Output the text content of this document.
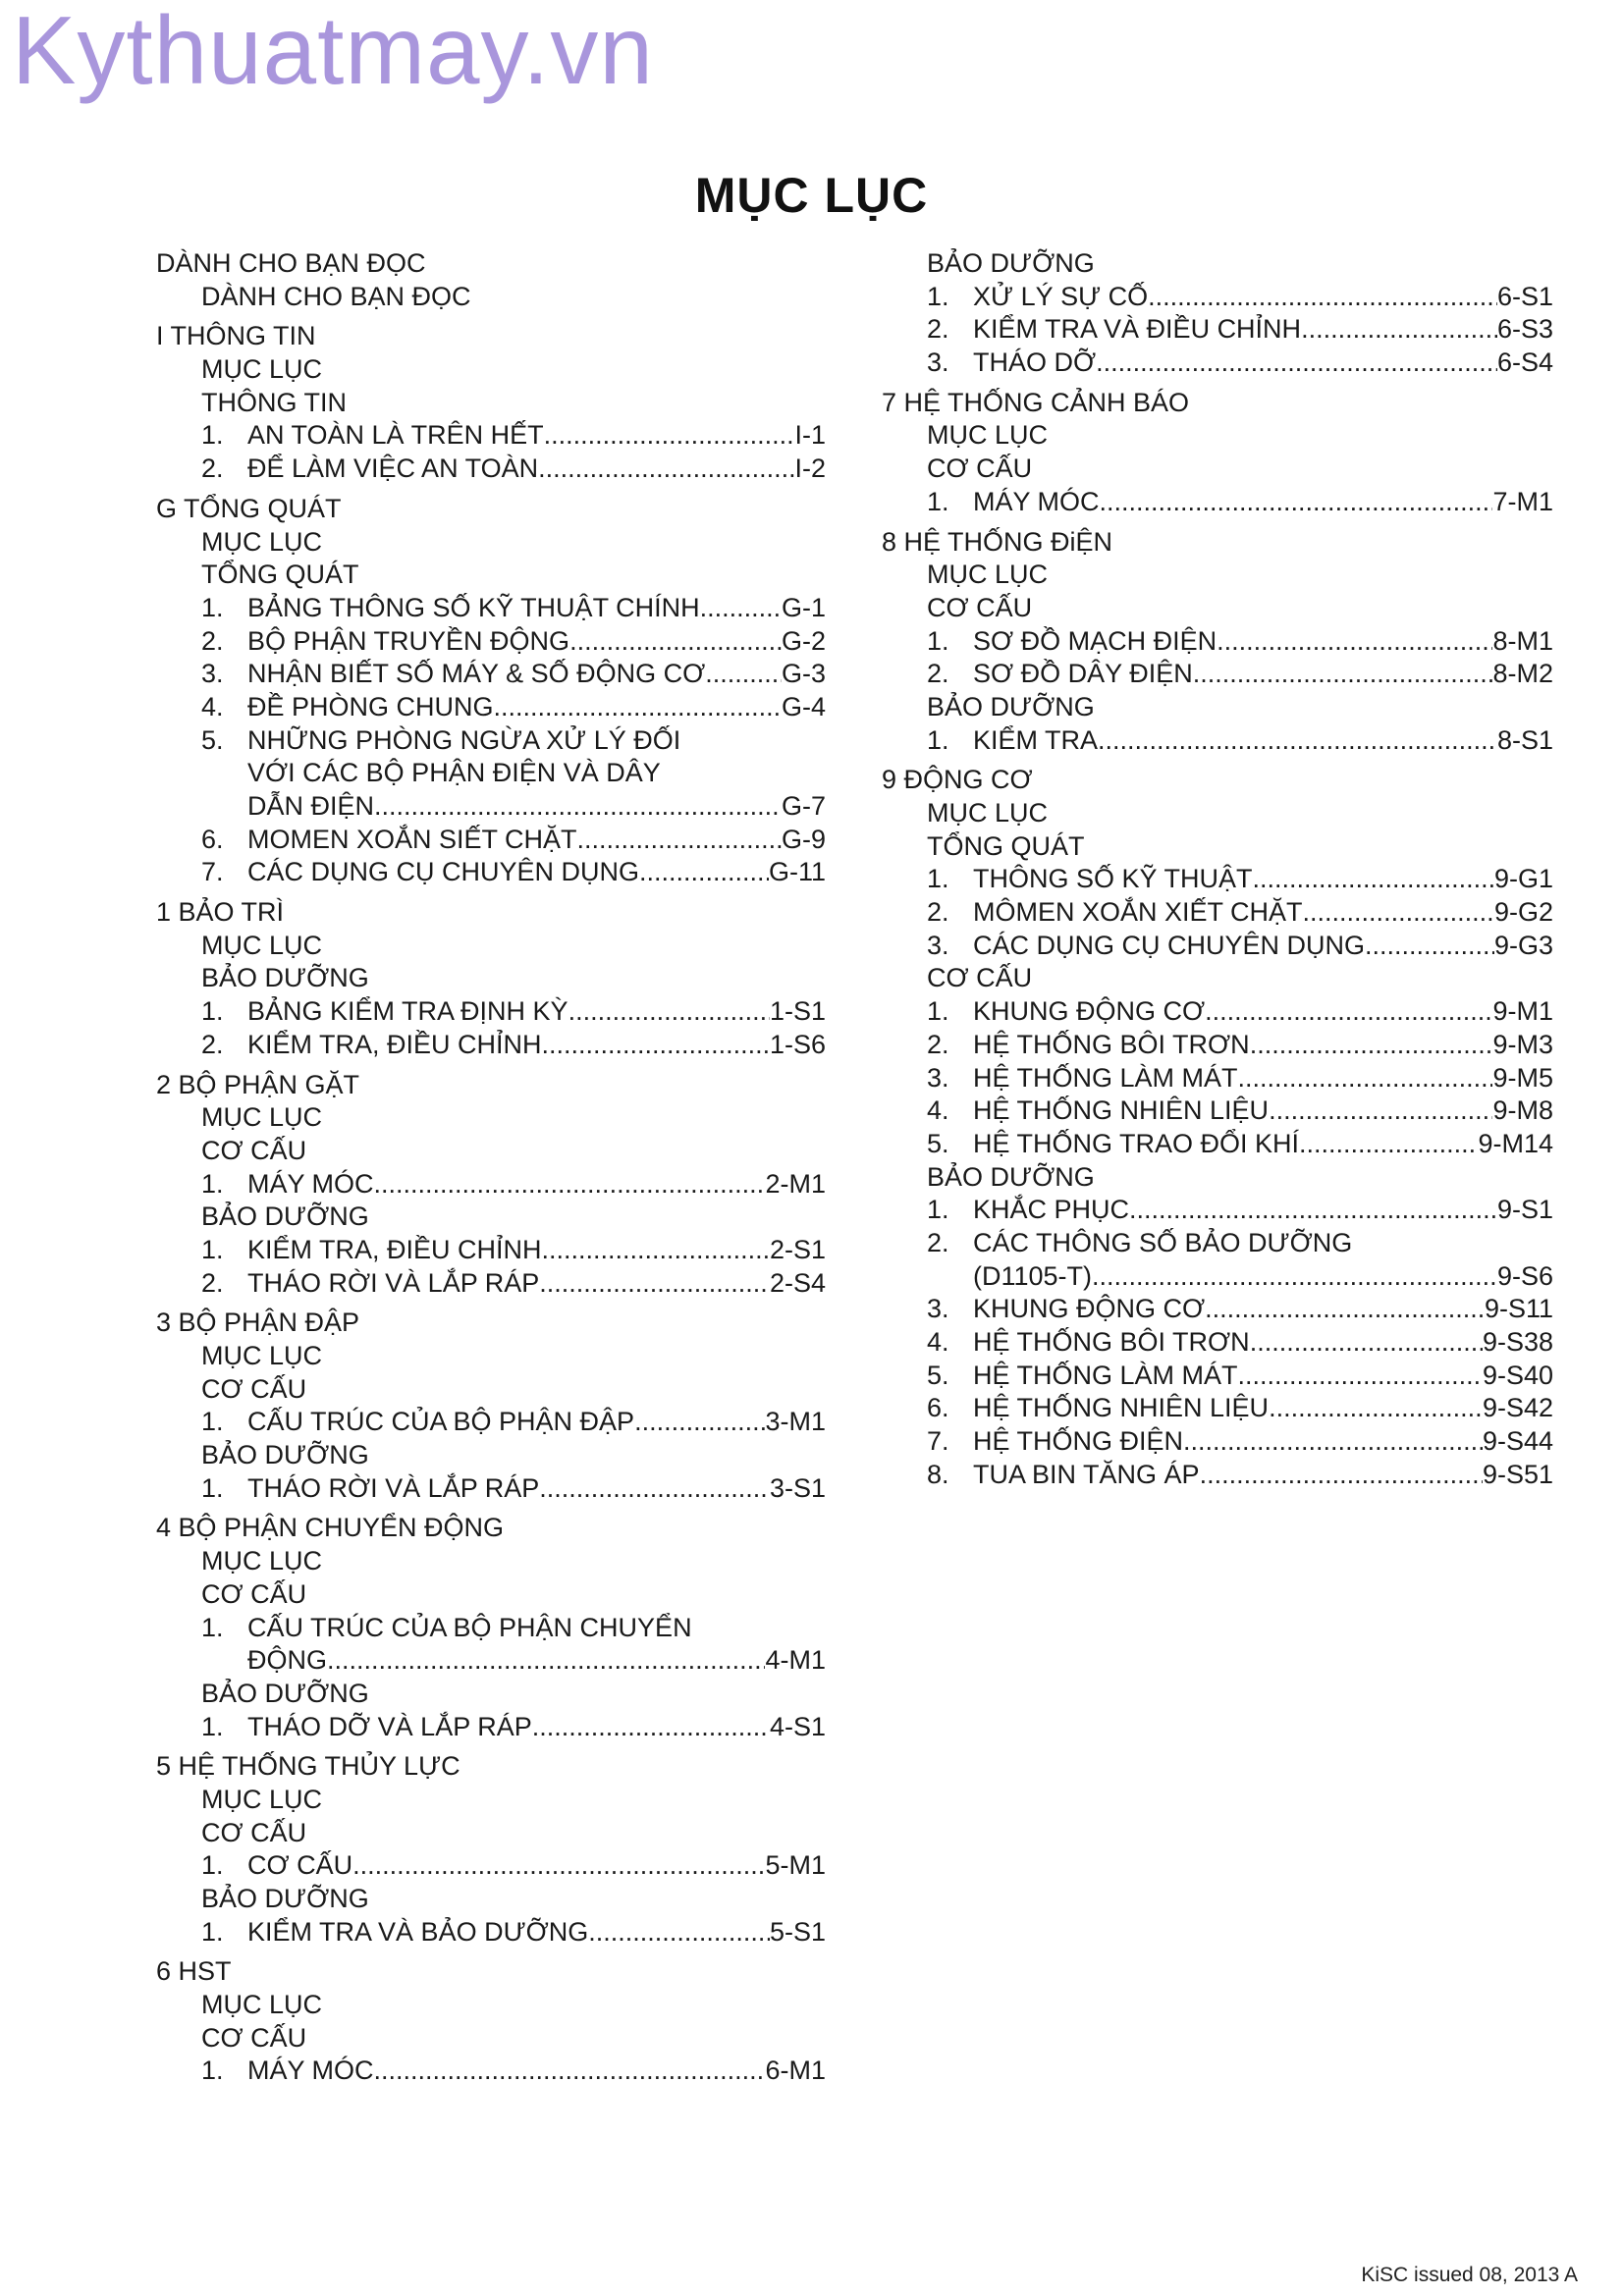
Kythuatmay.vn
MỤC LỤC
DÀNH CHO BẠN ĐỌC
DÀNH CHO BẠN ĐỌC
I THÔNG TIN
MỤC LỤC
THÔNG TIN
1. AN TOÀN LÀ TRÊN HẾT .....	I-1
2. ĐỂ LÀM VIỆC AN TOÀN .....	I-2
G TỔNG QUÁT
MỤC LỤC
TỔNG QUÁT
1. BẢNG THÔNG SỐ KỸ THUẬT CHÍNH .....	G-1
2. BỘ PHẬN TRUYỀN ĐỘNG .....	G-2
3. NHẬN BIẾT SỐ MÁY & SỐ ĐỘNG CƠ .....	G-3
4. ĐỀ PHÒNG CHUNG .....	G-4
5. NHỮNG PHÒNG NGỪA XỬ LÝ ĐỐI
VỚI CÁC BỘ PHẬN ĐIỆN VÀ DÂY
DẪN ĐIỆN .....	G-7
6. MOMEN XOẮN SIẾT CHẶT .....	G-9
7. CÁC DỤNG CỤ CHUYÊN DỤNG .....	G-11
1 BẢO TRÌ
MỤC LỤC
BẢO DƯỠNG
1. BẢNG KIỂM TRA ĐỊNH KỲ .....	1-S1
2. KIỂM TRA, ĐIỀU CHỈNH .....	1-S6
2 BỘ PHẬN GẶT
MỤC LỤC
CƠ CẤU
1. MÁY MÓC .....	2-M1
BẢO DƯỠNG
1. KIỂM TRA, ĐIỀU CHỈNH .....	2-S1
2. THÁO RỜI VÀ LẮP RÁP .....	2-S4
3 BỘ PHẬN ĐẬP
MỤC LỤC
CƠ CẤU
1. CẤU TRÚC CỦA BỘ PHẬN ĐẬP .....	3-M1
BẢO DƯỠNG
1. THÁO RỜI VÀ LẮP RÁP .....	3-S1
4 BỘ PHẬN CHUYỂN ĐỘNG
MỤC LỤC
CƠ CẤU
1. CẤU TRÚC CỦA BỘ PHẬN CHUYỂN
ĐỘNG .....	4-M1
BẢO DƯỠNG
1. THÁO DỠ VÀ LẮP RÁP .....	4-S1
5 HỆ THỐNG THỦY LỰC
MỤC LỤC
CƠ CẤU
1. CƠ CẤU .....	5-M1
BẢO DƯỠNG
1. KIỂM TRA VÀ BẢO DƯỠNG .....	5-S1
6 HST
MỤC LỤC
CƠ CẤU
1. MÁY MÓC .....	6-M1
BẢO DƯỠNG
1. XỬ LÝ SỰ CỐ .....	6-S1
2. KIỂM TRA VÀ ĐIỀU CHỈNH .....	6-S3
3. THÁO DỠ .....	6-S4
7 HỆ THỐNG CẢNH BÁO
MỤC LỤC
CƠ CẤU
1. MÁY MÓC .....	7-M1
8 HỆ THỐNG ĐiỆN
MỤC LỤC
CƠ CẤU
1. SƠ ĐỒ MẠCH ĐIỆN .....	8-M1
2. SƠ ĐỒ DÂY ĐIỆN .....	8-M2
BẢO DƯỠNG
1. KIỂM TRA .....	8-S1
9 ĐỘNG CƠ
MỤC LỤC
TỔNG QUÁT
1. THÔNG SỐ KỸ THUẬT .....	9-G1
2. MÔMEN XOẮN XIẾT CHẶT .....	9-G2
3. CÁC DỤNG CỤ CHUYÊN DỤNG .....	9-G3
CƠ CẤU
1. KHUNG ĐỘNG CƠ .....	9-M1
2. HỆ THỐNG BÔI TRƠN .....	9-M3
3. HỆ THỐNG LÀM MÁT .....	9-M5
4. HỆ THỐNG NHIÊN LIỆU .....	9-M8
5. HỆ THỐNG TRAO ĐỔI KHÍ .....	9-M14
BẢO DƯỠNG
1. KHẮC PHỤC .....	9-S1
2. CÁC THÔNG SỐ BẢO DƯỠNG
(D1105-T) .....	9-S6
3. KHUNG ĐỘNG CƠ .....	9-S11
4. HỆ THỐNG BÔI TRƠN .....	9-S38
5. HỆ THỐNG LÀM MÁT .....	9-S40
6. HỆ THỐNG NHIÊN LIỆU .....	9-S42
7. HỆ THỐNG ĐIỆN .....	9-S44
8. TUA BIN TĂNG ÁP .....	9-S51
KiSC issued 08, 2013 A
